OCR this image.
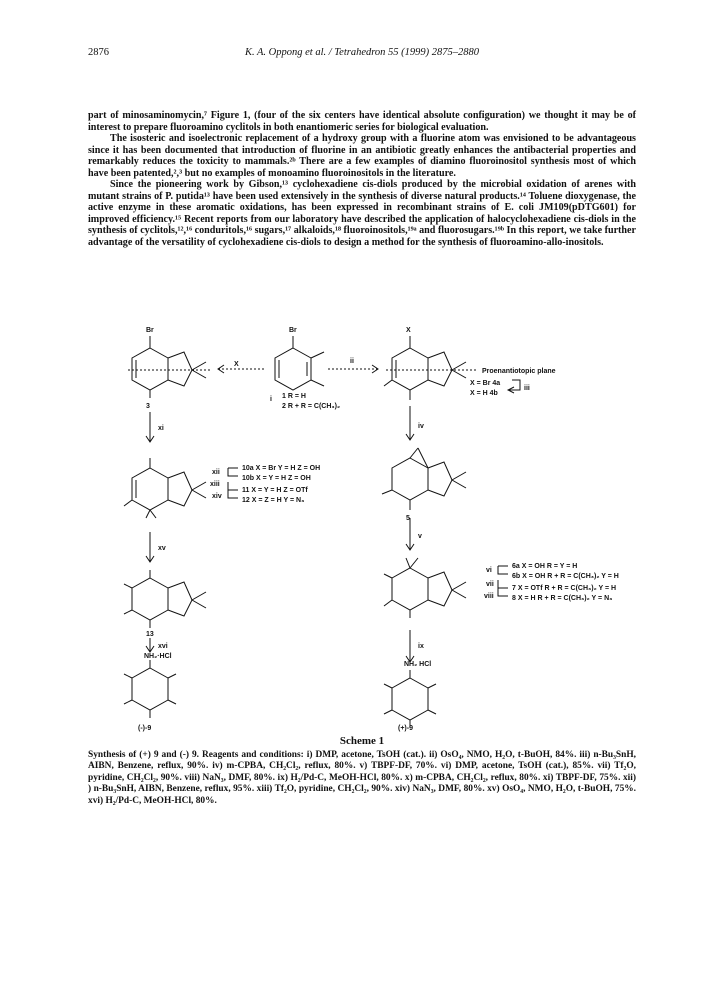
2876	K. A. Oppong et al. / Tetrahedron 55 (1999) 2875–2880

part of minosaminomycin,⁷ Figure 1, (four of the six centers have identical absolute configuration) we thought it may be of interest to prepare fluoroamino cyclitols in both enantiomeric series for biological evaluation.

The isosteric and isoelectronic replacement of a hydroxy group with a fluorine atom was envisioned to be advantageous since it has been documented that introduction of fluorine in an antibiotic greatly enhances the antibacterial properties and remarkably reduces the toxicity to mammals.²ᵇ There are a few examples of diamino fluoroinositol synthesis most of which have been patented,²,³ but no examples of monoamino fluoroinositols in the literature.

Since the pioneering work by Gibson,¹³ cyclohexadiene cis-diols produced by the microbial oxidation of arenes with mutant strains of P. putida¹³ have been used extensively in the synthesis of diverse natural products.¹⁴ Toluene dioxygenase, the active enzyme in these aromatic oxidations, has been expressed in recombinant strains of E. coli JM109(pDTG601) for improved efficiency.¹⁵ Recent reports from our laboratory have described the application of halocyclohexadiene cis-diols in the synthesis of cyclitols,¹²,¹⁶ conduritols,¹⁶ sugars,¹⁷ alkaloids,¹⁸ fluoroinositols,¹⁹ᵃ and fluorosugars.¹⁹ᵇ In this report, we take further advantage of the versatility of cyclohexadiene cis-diols to design a method for the synthesis of fluoroamino-allo-inositols.

Br	Br	X
3
X	ii
i 1 R = H
2 R + R = C(CH₃)₂
Proenantiotopic plane
X = Br 4a
X = H 4b
iii
iv
5
v
vi
vii
viii
6a X = OH R = Y = H
6b X = OH R + R = C(CH₃)₂ Y = H
7 X = OTf R + R = C(CH₃)₂ Y = H
8 X = H R + R = C(CH₃)₂ Y = N₃
ix
NH₂ HCl
(+)-9
xi
xii
xiii
xiv
10a X = Br Y = H Z = OH
10b X = Y = H Z = OH
11 X = Y = H Z = OTf
12 X = Z = H Y = N₃
xv
13
xvi
NH₂·HCl
(-)-9
Scheme 1

Synthesis of (+) 9 and (-) 9. Reagents and conditions: i) DMP, acetone, TsOH (cat.). ii) OsO₄, NMO, H₂O, t-BuOH, 84%. iii) n-Bu₃SnH, AIBN, Benzene, reflux, 90%. iv) m-CPBA, CH₂Cl₂, reflux, 80%. v) TBPF-DF, 70%. vi) DMP, acetone, TsOH (cat.), 85%. vii) Tf₂O, pyridine, CH₂Cl₂, 90%. viii) NaN₃, DMF, 80%. ix) H₂/Pd-C, MeOH-HCl, 80%. x) m-CPBA, CH₂Cl₂, reflux, 80%. xi) TBPF-DF, 75%. xii) ) n-Bu₃SnH, AIBN, Benzene, reflux, 95%. xiii) Tf₂O, pyridine, CH₂Cl₂, 90%. xiv) NaN₃, DMF, 80%. xv) OsO₄, NMO, H₂O, t-BuOH, 75%. xvi) H₂/Pd-C, MeOH-HCl, 80%.
